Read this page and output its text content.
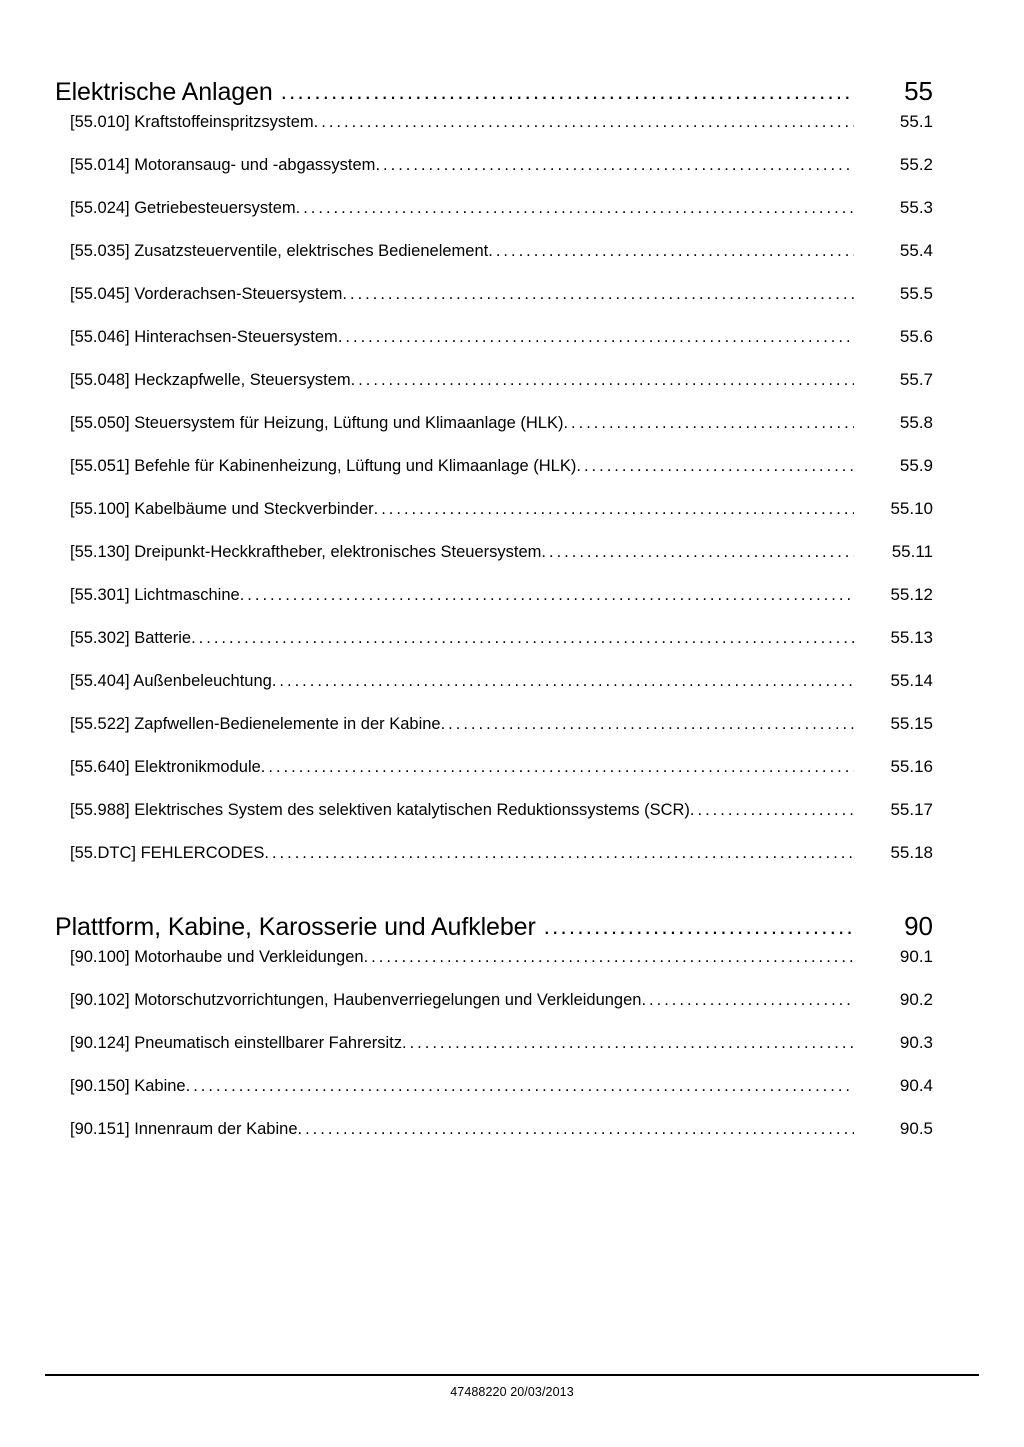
Elektrische Anlagen .....	55
[55.010] Kraftstoffeinspritzsystem .....	55.1
[55.014] Motoransaug- und -abgassystem .....	55.2
[55.024] Getriebesteuersystem .....	55.3
[55.035] Zusatzsteuerventile, elektrisches Bedienelement .....	55.4
[55.045] Vorderachsen-Steuersystem .....	55.5
[55.046] Hinterachsen-Steuersystem .....	55.6
[55.048] Heckzapfwelle, Steuersystem .....	55.7
[55.050] Steuersystem für Heizung, Lüftung und Klimaanlage (HLK) .....	55.8
[55.051] Befehle für Kabinenheizung, Lüftung und Klimaanlage (HLK) .....	55.9
[55.100] Kabelbäume und Steckverbinder .....	55.10
[55.130] Dreipunkt-Heckkraftheber, elektronisches Steuersystem .....	55.11
[55.301] Lichtmaschine .....	55.12
[55.302] Batterie .....	55.13
[55.404] Außenbeleuchtung .....	55.14
[55.522] Zapfwellen-Bedienelemente in der Kabine .....	55.15
[55.640] Elektronikmodule .....	55.16
[55.988] Elektrisches System des selektiven katalytischen Reduktionssystems (SCR) .....	55.17
[55.DTC] FEHLERCODES .....	55.18
Plattform, Kabine, Karosserie und Aufkleber .....	90
[90.100] Motorhaube und Verkleidungen .....	90.1
[90.102] Motorschutzvorrichtungen, Haubenverriegelungen und Verkleidungen .....	90.2
[90.124] Pneumatisch einstellbarer Fahrersitz .....	90.3
[90.150] Kabine .....	90.4
[90.151] Innenraum der Kabine .....	90.5
47488220 20/03/2013
